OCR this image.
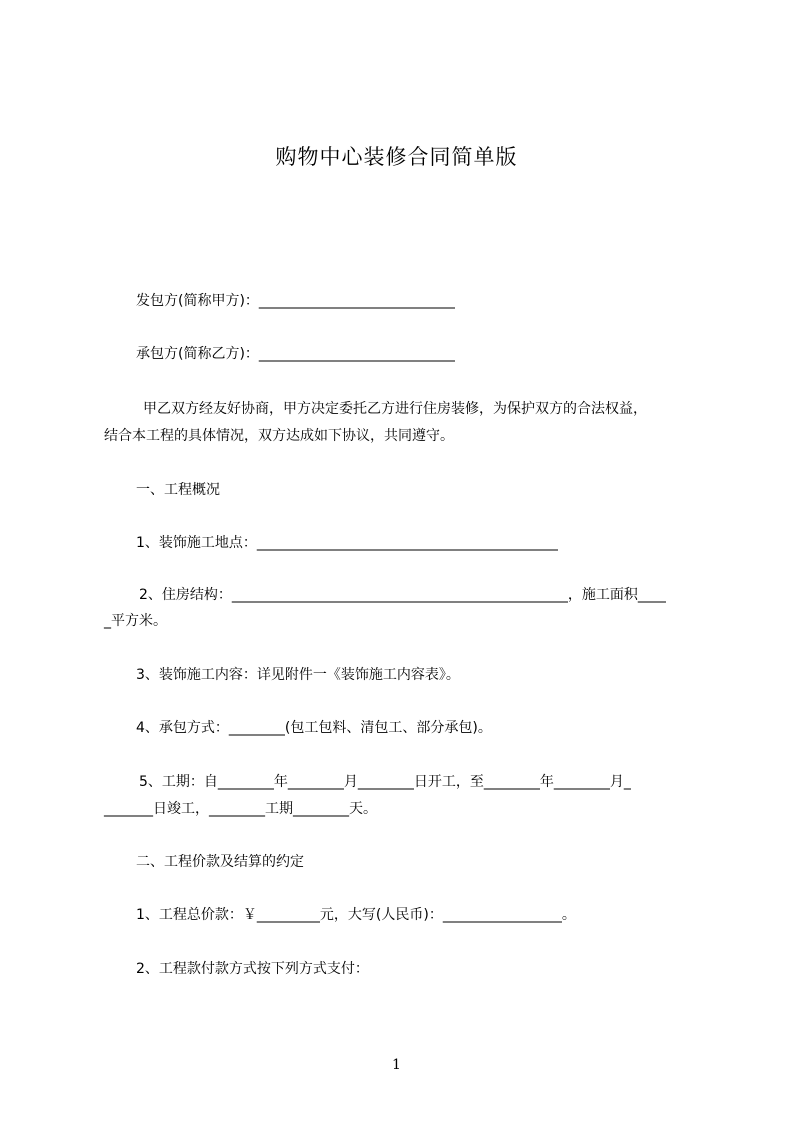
购物中心装修合同简单版
发包方(简称甲方)：____________________________
承包方(简称乙方)：____________________________
甲乙双方经友好协商，甲方决定委托乙方进行住房装修，为保护双方的合法权益，
结合本工程的具体情况，双方达成如下协议，共同遵守。
一、工程概况
1、装饰施工地点：___________________________________________
2、住房结构：________________________________________________，施工面积____
_平方米。
3、装饰施工内容：详见附件一《装饰施工内容表》。
4、承包方式：________(包工包料、清包工、部分承包)。
5、工期：自________年________月________日开工，至________年________月_
_______日竣工，________工期________天。
二、工程价款及结算的约定
1、工程总价款：￥_________元，大写(人民币)：_________________。
2、工程款付款方式按下列方式支付：
1
